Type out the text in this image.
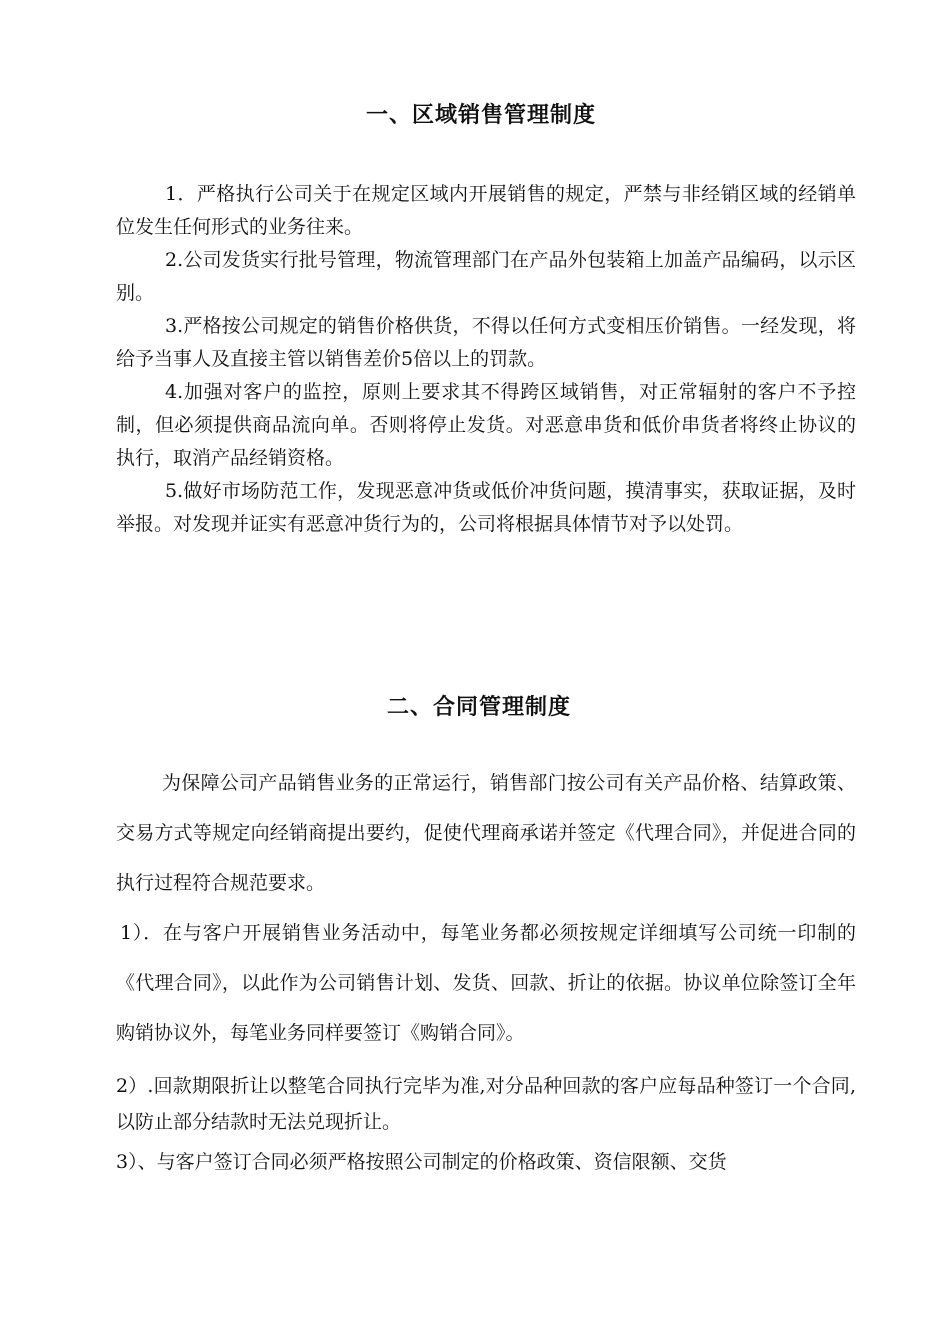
一、区域销售管理制度

1．严格执行公司关于在规定区域内开展销售的规定，严禁与非经销区域的经销单位发生任何形式的业务往来。

2.公司发货实行批号管理，物流管理部门在产品外包装箱上加盖产品编码，以示区别。

3.严格按公司规定的销售价格供货，不得以任何方式变相压价销售。一经发现，将给予当事人及直接主管以销售差价5倍以上的罚款。

4.加强对客户的监控，原则上要求其不得跨区域销售，对正常辐射的客户不予控制，但必须提供商品流向单。否则将停止发货。对恶意串货和低价串货者将终止协议的执行，取消产品经销资格。

5.做好市场防范工作，发现恶意冲货或低价冲货问题，摸清事实，获取证据，及时举报。对发现并证实有恶意冲货行为的，公司将根据具体情节对予以处罚。

二、合同管理制度

为保障公司产品销售业务的正常运行，销售部门按公司有关产品价格、结算政策、交易方式等规定向经销商提出要约，促使代理商承诺并签定《代理合同》，并促进合同的执行过程符合规范要求。

1）．在与客户开展销售业务活动中，每笔业务都必须按规定详细填写公司统一印制的《代理合同》，以此作为公司销售计划、发货、回款、折让的依据。协议单位除签订全年购销协议外，每笔业务同样要签订《购销合同》。

2）.回款期限折让以整笔合同执行完毕为准,对分品种回款的客户应每品种签订一个合同,以防止部分结款时无法兑现折让。

3）、与客户签订合同必须严格按照公司制定的价格政策、资信限额、交货
